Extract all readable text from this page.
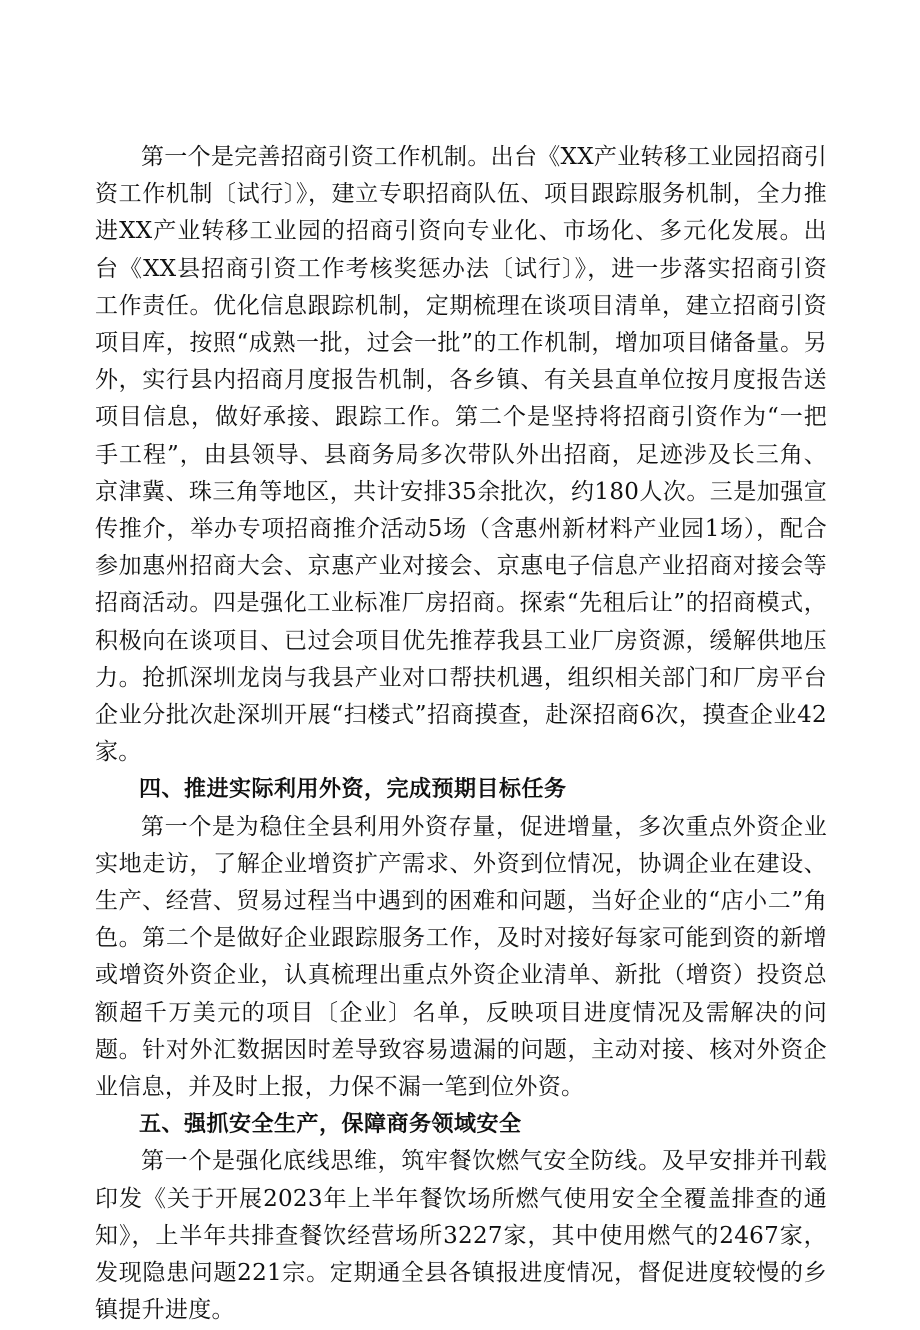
第一个是完善招商引资工作机制。出台《XX产业转移工业园招商引资工作机制〔试行〕》，建立专职招商队伍、项目跟踪服务机制，全力推进XX产业转移工业园的招商引资向专业化、市场化、多元化发展。出台《XX县招商引资工作考核奖惩办法〔试行〕》，进一步落实招商引资工作责任。优化信息跟踪机制，定期梳理在谈项目清单，建立招商引资项目库，按照“成熟一批，过会一批”的工作机制，增加项目储备量。另外，实行县内招商月度报告机制，各乡镇、有关县直单位按月度报告送项目信息，做好承接、跟踪工作。第二个是坚持将招商引资作为“一把手工程”，由县领导、县商务局多次带队外出招商，足迹涉及长三角、京津冀、珠三角等地区，共计安排35余批次，约180人次。三是加强宣传推介，举办专项招商推介活动5场（含惠州新材料产业园1场），配合参加惠州招商大会、京惠产业对接会、京惠电子信息产业招商对接会等招商活动。四是强化工业标准厂房招商。探索“先租后让”的招商模式，积极向在谈项目、已过会项目优先推荐我县工业厂房资源，缓解供地压力。抢抓深圳龙岗与我县产业对口帮扶机遇，组织相关部门和厂房平台企业分批次赴深圳开展“扫楼式”招商摸查，赴深招商6次，摸查企业42家。

四、推进实际利用外资，完成预期目标任务

第一个是为稳住全县利用外资存量，促进增量，多次重点外资企业实地走访，了解企业增资扩产需求、外资到位情况，协调企业在建设、生产、经营、贸易过程当中遇到的困难和问题，当好企业的“店小二”角色。第二个是做好企业跟踪服务工作，及时对接好每家可能到资的新增或增资外资企业，认真梳理出重点外资企业清单、新批（增资）投资总额超千万美元的项目〔企业〕名单，反映项目进度情况及需解决的问题。针对外汇数据因时差导致容易遗漏的问题，主动对接、核对外资企业信息，并及时上报，力保不漏一笔到位外资。

五、强抓安全生产，保障商务领域安全

第一个是强化底线思维，筑牢餐饮燃气安全防线。及早安排并刊载印发《关于开展2023年上半年餐饮场所燃气使用安全全覆盖排查的通知》，上半年共排查餐饮经营场所3227家，其中使用燃气的2467家，发现隐患问题221宗。定期通全县各镇报进度情况，督促进度较慢的乡镇提升进度。
